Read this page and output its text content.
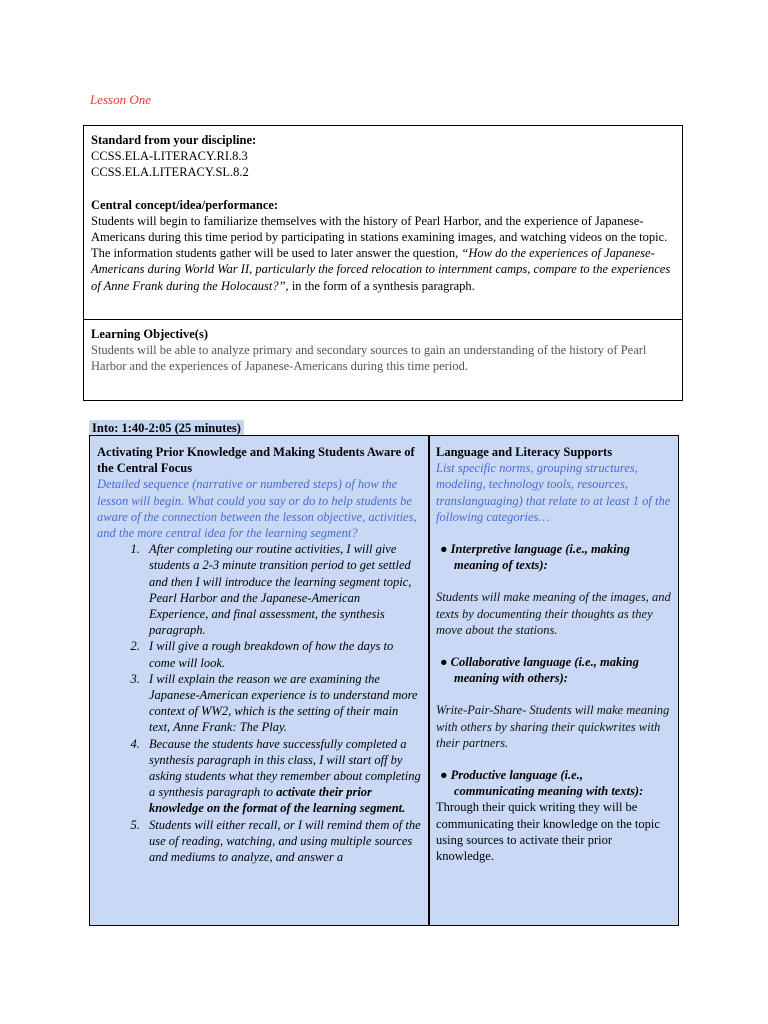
Lesson One
Standard from your discipline:
CCSS.ELA-LITERACY.RI.8.3
CCSS.ELA.LITERACY.SL.8.2
Central concept/idea/performance:
Students will begin to familiarize themselves with the history of Pearl Harbor, and the experience of Japanese-Americans during this time period by participating in stations examining images, and watching videos on the topic. The information students gather will be used to later answer the question, “How do the experiences of Japanese-Americans during World War II, particularly the forced relocation to internment camps, compare to the experiences of Anne Frank during the Holocaust?”, in the form of a synthesis paragraph.
Learning Objective(s)
Students will be able to analyze primary and secondary sources to gain an understanding of the history of Pearl Harbor and the experiences of Japanese-Americans during this time period.
Into: 1:40-2:05 (25 minutes)
Activating Prior Knowledge and Making Students Aware of the Central Focus
Detailed sequence (narrative or numbered steps) of how the lesson will begin. What could you say or do to help students be aware of the connection between the lesson objective, activities, and the more central idea for the learning segment?
1. After completing our routine activities, I will give students a 2-3 minute transition period to get settled and then I will introduce the learning segment topic, Pearl Harbor and the Japanese-American Experience, and final assessment, the synthesis paragraph.
2. I will give a rough breakdown of how the days to come will look.
3. I will explain the reason we are examining the Japanese-American experience is to understand more context of WW2, which is the setting of their main text, Anne Frank: The Play.
4. Because the students have successfully completed a synthesis paragraph in this class, I will start off by asking students what they remember about completing a synthesis paragraph to activate their prior knowledge on the format of the learning segment.
5. Students will either recall, or I will remind them of the use of reading, watching, and using multiple sources and mediums to analyze, and answer a
Language and Literacy Supports
List specific norms, grouping structures, modeling, technology tools, resources, translanguaging) that relate to at least 1 of the following categories…
● Interpretive language (i.e., making
meaning of texts):
Students will make meaning of the images, and texts by documenting their thoughts as they move about the stations.
● Collaborative language (i.e., making
meaning with others):
Write-Pair-Share- Students will make meaning with others by sharing their quickwrites with their partners.
● Productive language (i.e.,
communicating meaning with texts):
Through their quick writing they will be communicating their knowledge on the topic using sources to activate their prior knowledge.
